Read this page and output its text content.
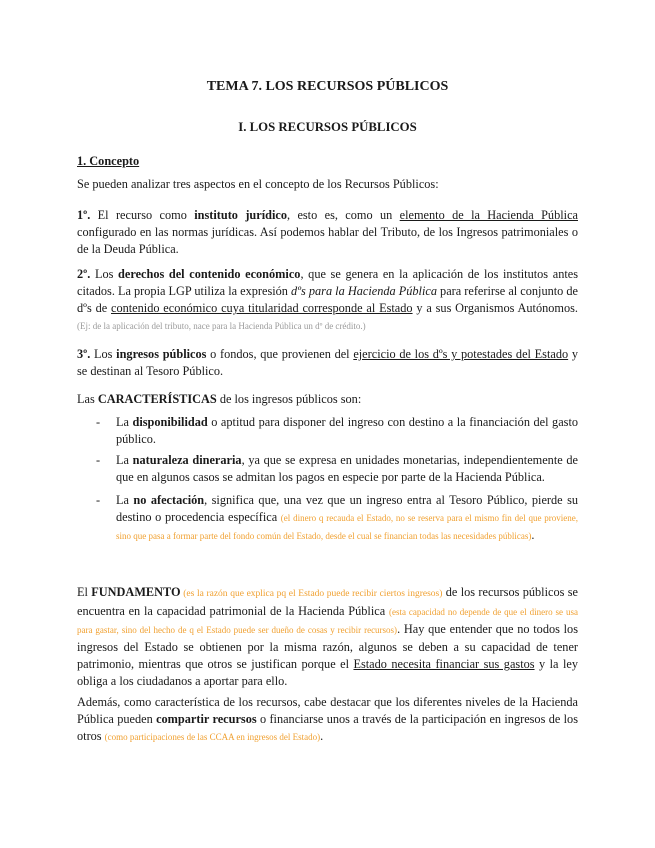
TEMA 7. LOS RECURSOS PÚBLICOS
I. LOS RECURSOS PÚBLICOS

1. Concepto

Se pueden analizar tres aspectos en el concepto de los Recursos Públicos:

1º. El recurso como instituto jurídico, esto es, como un elemento de la Hacienda Pública configurado en las normas jurídicas. Así podemos hablar del Tributo, de los Ingresos patrimoniales o de la Deuda Pública.

2º. Los derechos del contenido económico, que se genera en la aplicación de los institutos antes citados. La propia LGP utiliza la expresión dºs para la Hacienda Pública para referirse al conjunto de dºs de contenido económico cuya titularidad corresponde al Estado y a sus Organismos Autónomos. (Ej: de la aplicación del tributo, nace para la Hacienda Pública un dº de crédito.)

3º. Los ingresos públicos o fondos, que provienen del ejercicio de los dºs y potestades del Estado y se destinan al Tesoro Público.

Las CARACTERÍSTICAS de los ingresos públicos son:

- La disponibilidad o aptitud para disponer del ingreso con destino a la financiación del gasto público.
- La naturaleza dineraria, ya que se expresa en unidades monetarias, independientemente de que en algunos casos se admitan los pagos en especie por parte de la Hacienda Pública.
- La no afectación, significa que, una vez que un ingreso entra al Tesoro Público, pierde su destino o procedencia específica (el dinero q recauda el Estado, no se reserva para el mismo fin del que proviene, sino que pasa a formar parte del fondo común del Estado, desde el cual se financian todas las necesidades públicas).

El FUNDAMENTO (es la razón que explica pq el Estado puede recibir ciertos ingresos) de los recursos públicos se encuentra en la capacidad patrimonial de la Hacienda Pública (esta capacidad no depende de que el dinero se usa para gastar, sino del hecho de q el Estado puede ser dueño de cosas y recibir recursos). Hay que entender que no todos los ingresos del Estado se obtienen por la misma razón, algunos se deben a su capacidad de tener patrimonio, mientras que otros se justifican porque el Estado necesita financiar sus gastos y la ley obliga a los ciudadanos a aportar para ello.

Además, como característica de los recursos, cabe destacar que los diferentes niveles de la Hacienda Pública pueden compartir recursos o financiarse unos a través de la participación en ingresos de los otros (como participaciones de las CCAA en ingresos del Estado).
